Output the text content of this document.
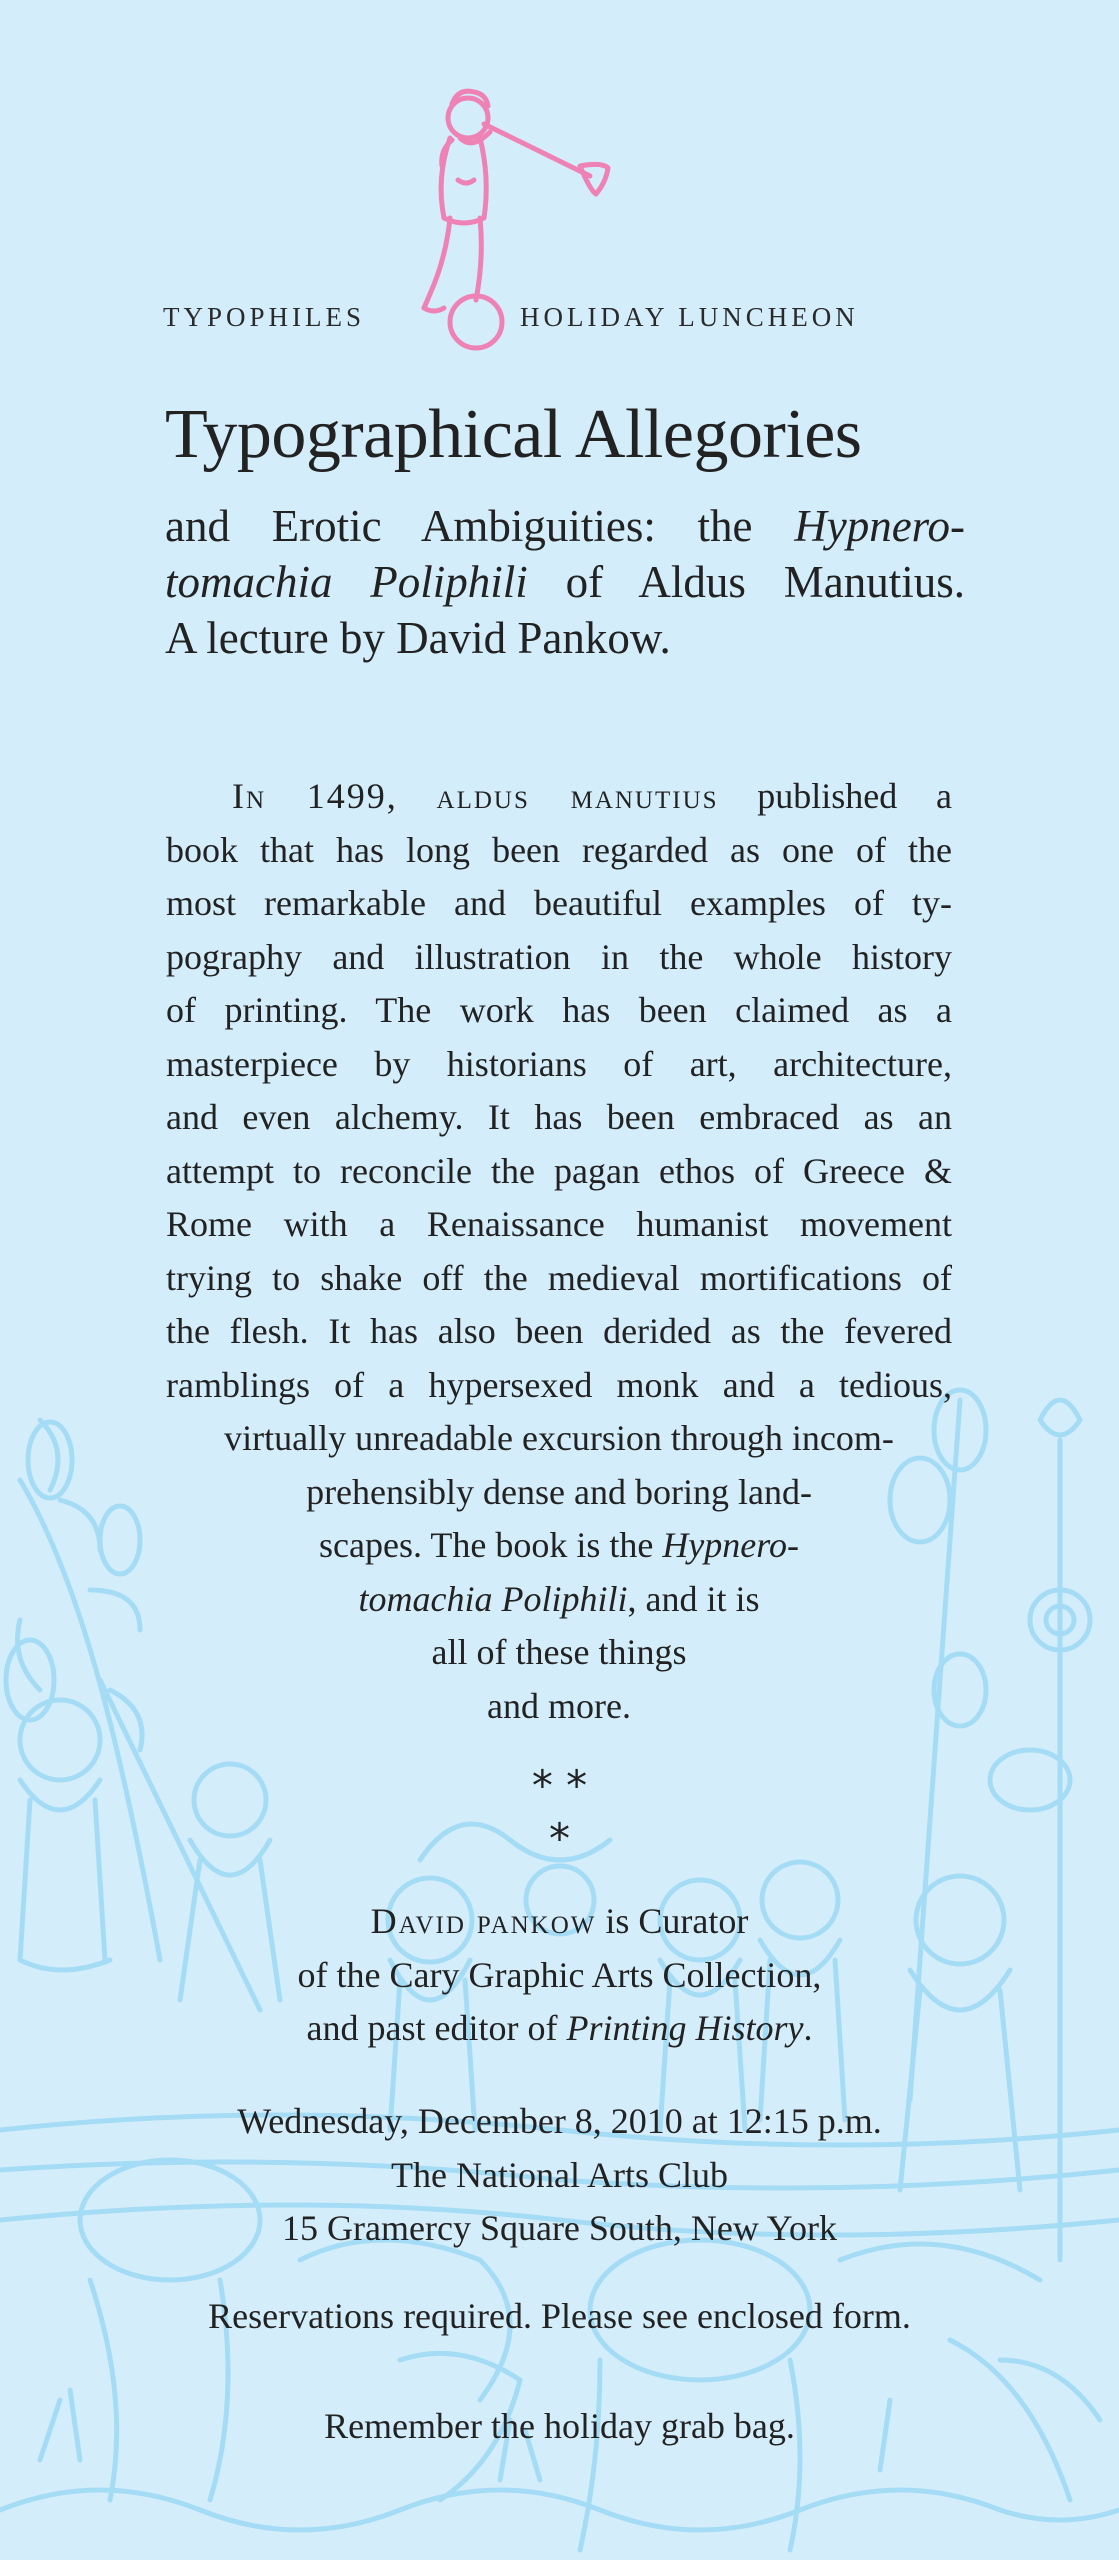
TYPOPHILES	HOLIDAY LUNCHEON
Typographical Allegories
and Erotic Ambiguities: the Hypnero-
tomachia Poliphili of Aldus Manutius.
A lecture by David Pankow.
In 1499, aldus manutius published a
book that has long been regarded as one of the
most remarkable and beautiful examples of ty-
pography and illustration in the whole history
of printing. The work has been claimed as a
masterpiece by historians of art, architecture,
and even alchemy. It has been embraced as an
attempt to reconcile the pagan ethos of Greece &
Rome with a Renaissance humanist movement
trying to shake off the medieval mortifications of
the flesh. It has also been derided as the fevered
ramblings of a hypersexed monk and a tedious,
virtually unreadable excursion through incom-
prehensibly dense and boring land-
scapes. The book is the Hypnero-
tomachia Poliphili, and it is
all of these things
and more.
* *
*
David pankow is Curator
of the Cary Graphic Arts Collection,
and past editor of Printing History.
Wednesday, December 8, 2010 at 12:15 p.m.
The National Arts Club
15 Gramercy Square South, New York
Reservations required. Please see enclosed form.
Remember the holiday grab bag.
